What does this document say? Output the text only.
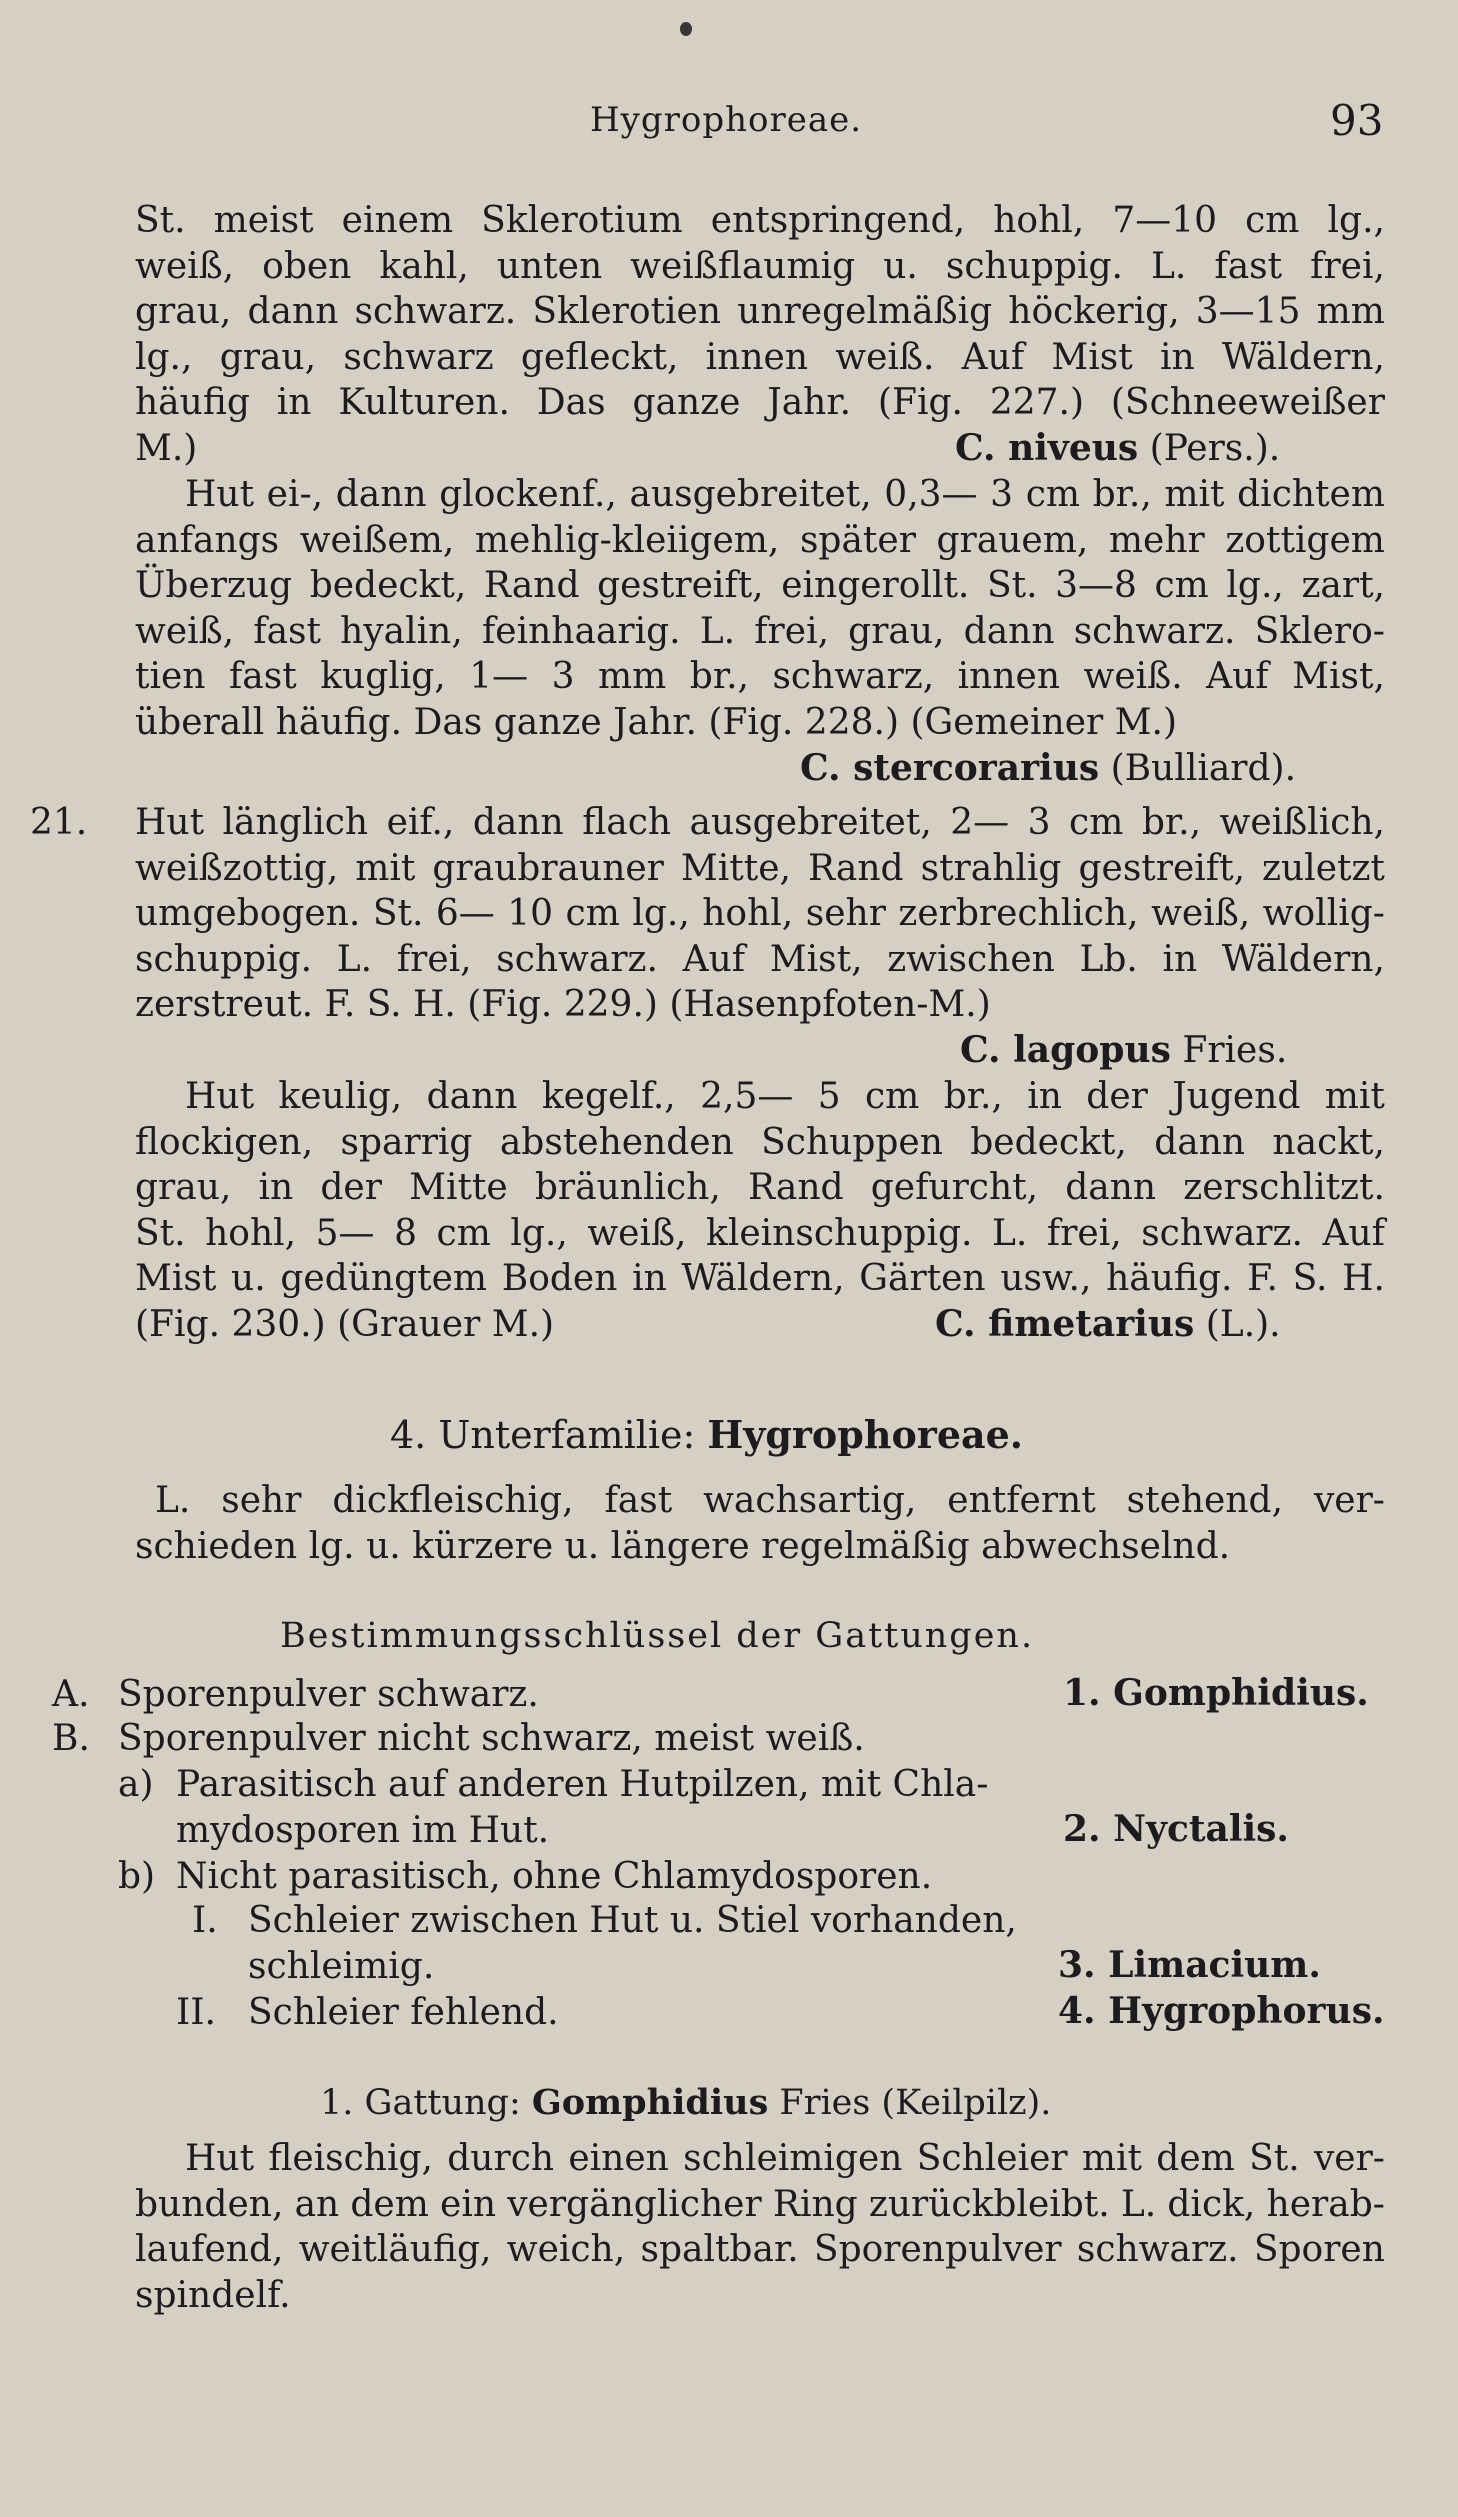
Hygrophoreae.	93
St. meist einem Sklerotium entspringend, hohl, 7—10 cm lg.,
weiß, oben kahl, unten weißflaumig u. schuppig. L. fast frei,
grau, dann schwarz. Sklerotien unregelmäßig höckerig, 3—15 mm
lg., grau, schwarz gefleckt, innen weiß. Auf Mist in Wäldern,
häufig in Kulturen. Das ganze Jahr. (Fig. 227.) (Schneeweißer
M.)	C. niveus (Pers.).
Hut ei-, dann glockenf., ausgebreitet, 0,3— 3 cm br., mit dichtem
anfangs weißem, mehlig-kleiigem, später grauem, mehr zottigem
Überzug bedeckt, Rand gestreift, eingerollt. St. 3—8 cm lg., zart,
weiß, fast hyalin, feinhaarig. L. frei, grau, dann schwarz. Sklero-
tien fast kuglig, 1— 3 mm br., schwarz, innen weiß. Auf Mist,
überall häufig. Das ganze Jahr. (Fig. 228.) (Gemeiner M.)
C. stercorarius (Bulliard).
21. Hut länglich eif., dann flach ausgebreitet, 2— 3 cm br., weißlich,
weißzottig, mit graubrauner Mitte, Rand strahlig gestreift, zuletzt
umgebogen. St. 6— 10 cm lg., hohl, sehr zerbrechlich, weiß, wollig-
schuppig. L. frei, schwarz. Auf Mist, zwischen Lb. in Wäldern,
zerstreut. F. S. H. (Fig. 229.) (Hasenpfoten-M.)
C. lagopus Fries.
Hut keulig, dann kegelf., 2,5— 5 cm br., in der Jugend mit
flockigen, sparrig abstehenden Schuppen bedeckt, dann nackt,
grau, in der Mitte bräunlich, Rand gefurcht, dann zerschlitzt.
St. hohl, 5— 8 cm lg., weiß, kleinschuppig. L. frei, schwarz. Auf
Mist u. gedüngtem Boden in Wäldern, Gärten usw., häufig. F. S. H.
(Fig. 230.) (Grauer M.)	C. fimetarius (L.).
4. Unterfamilie: Hygrophoreae.
L. sehr dickfleischig, fast wachsartig, entfernt stehend, ver-
schieden lg. u. kürzere u. längere regelmäßig abwechselnd.
Bestimmungsschlüssel der Gattungen.
A. Sporenpulver schwarz.	1. Gomphidius.
B. Sporenpulver nicht schwarz, meist weiß.
a) Parasitisch auf anderen Hutpilzen, mit Chla-
mydosporen im Hut.	2. Nyctalis.
b) Nicht parasitisch, ohne Chlamydosporen.
I. Schleier zwischen Hut u. Stiel vorhanden,
schleimig.	3. Limacium.
II. Schleier fehlend.	4. Hygrophorus.
1. Gattung: Gomphidius Fries (Keilpilz).
Hut fleischig, durch einen schleimigen Schleier mit dem St. ver-
bunden, an dem ein vergänglicher Ring zurückbleibt. L. dick, herab-
laufend, weitläufig, weich, spaltbar. Sporenpulver schwarz. Sporen
spindelf.
